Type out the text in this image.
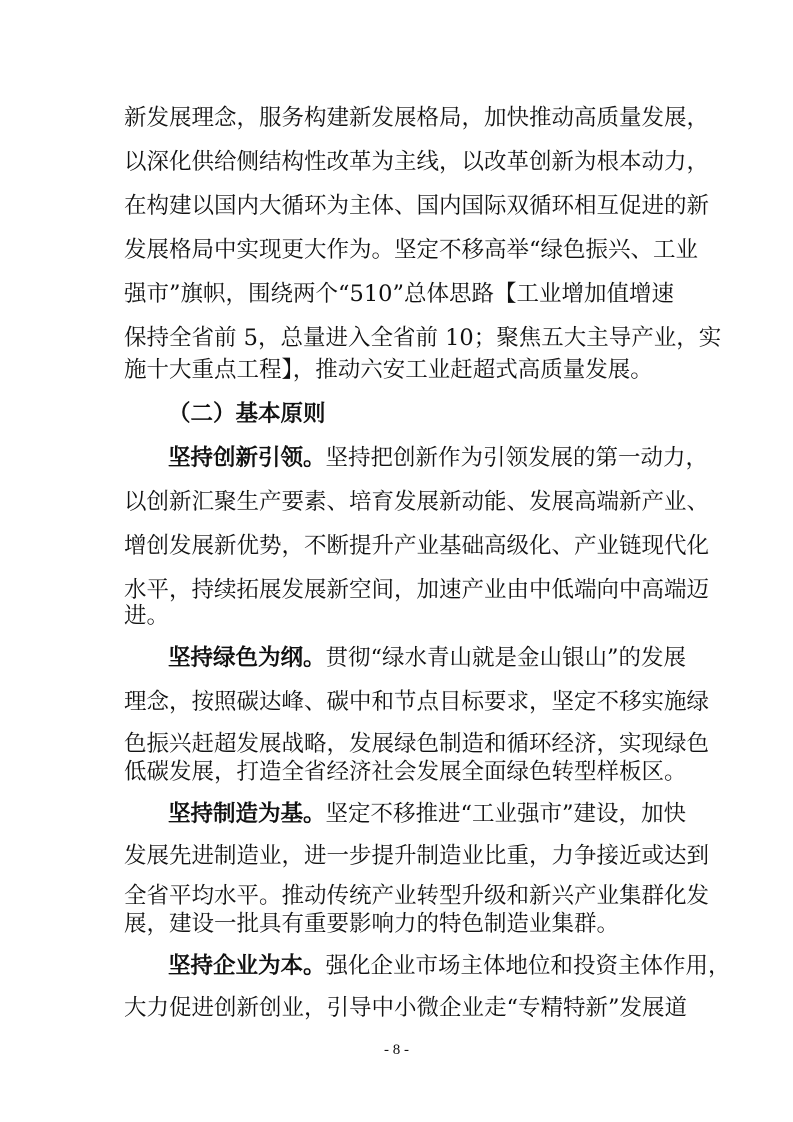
新发展理念，服务构建新发展格局，加快推动高质量发展，
以深化供给侧结构性改革为主线，以改革创新为根本动力，
在构建以国内大循环为主体、国内国际双循环相互促进的新
发展格局中实现更大作为。坚定不移高举“绿色振兴、工业
强市”旗帜，围绕两个“510”总体思路【工业增加值增速
保持全省前 5，总量进入全省前 10；聚焦五大主导产业，实
施十大重点工程】，推动六安工业赶超式高质量发展。
（二）基本原则
坚持创新引领。坚持把创新作为引领发展的第一动力，
以创新汇聚生产要素、培育发展新动能、发展高端新产业、
增创发展新优势，不断提升产业基础高级化、产业链现代化
水平，持续拓展发展新空间，加速产业由中低端向中高端迈
进。
坚持绿色为纲。贯彻“绿水青山就是金山银山”的发展
理念，按照碳达峰、碳中和节点目标要求，坚定不移实施绿
色振兴赶超发展战略，发展绿色制造和循环经济，实现绿色
低碳发展，打造全省经济社会发展全面绿色转型样板区。
坚持制造为基。坚定不移推进“工业强市”建设，加快
发展先进制造业，进一步提升制造业比重，力争接近或达到
全省平均水平。推动传统产业转型升级和新兴产业集群化发
展，建设一批具有重要影响力的特色制造业集群。
坚持企业为本。强化企业市场主体地位和投资主体作用，
大力促进创新创业，引导中小微企业走“专精特新”发展道
- 8 -
